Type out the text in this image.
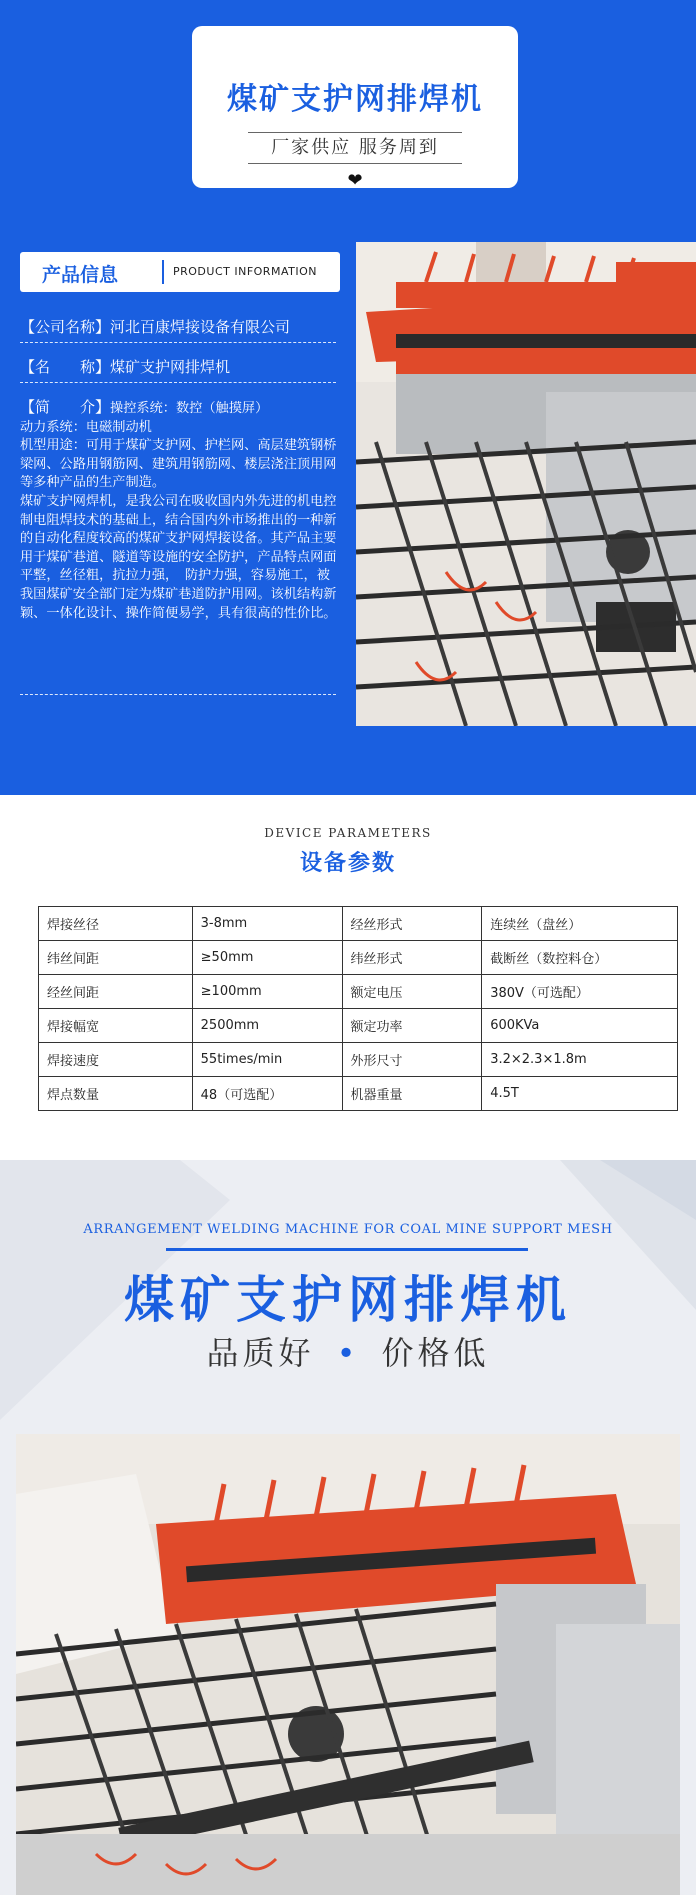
煤矿支护网排焊机
厂家供应 服务周到
❤
产品信息	PRODUCT INFORMATION
【公司名称】河北百康焊接设备有限公司
【名　　称】煤矿支护网排焊机

【简　　介】操控系统：数控（触摸屏）

动力系统：电磁制动机

机型用途：可用于煤矿支护网、护栏网、高层建筑钢桥梁网、公路用钢筋网、建筑用钢筋网、楼层浇注顶用网等多种产品的生产制造。

煤矿支护网焊机，是我公司在吸收国内外先进的机电控制电阻焊技术的基础上，结合国内外市场推出的一种新的自动化程度较高的煤矿支护网焊接设备。其产品主要用于煤矿巷道、隧道等设施的安全防护，产品特点网面平整，丝径粗，抗拉力强，　防护力强，容易施工，被我国煤矿安全部门定为煤矿巷道防护用网。该机结构新颖、一体化设计、操作简便易学，具有很高的性价比。

DEVICE PARAMETERS
设备参数
焊接丝径	3-8mm	经丝形式	连续丝（盘丝）
纬丝间距	≥50mm	纬丝形式	截断丝（数控料仓）
经丝间距	≥100mm	额定电压	380V（可选配）
焊接幅宽	2500mm	额定功率	600KVa
焊接速度	55times/min	外形尺寸	3.2×2.3×1.8m
焊点数量	48（可选配）	机器重量	4.5T
ARRANGEMENT WELDING MACHINE FOR COAL MINE SUPPORT MESH
煤矿支护网排焊机
品质好 • 价格低
